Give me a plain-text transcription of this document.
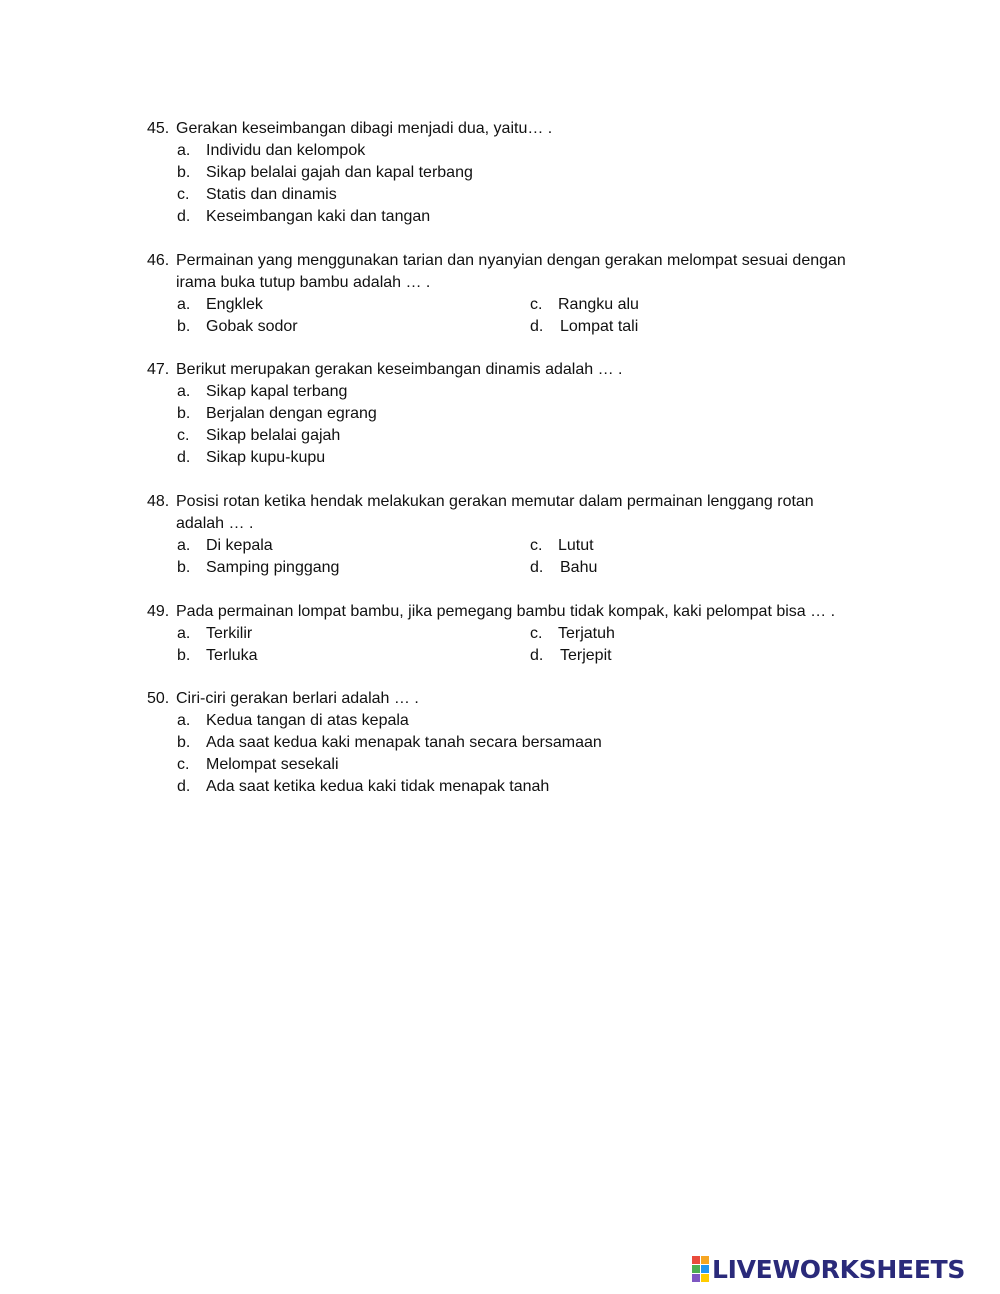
45. Gerakan keseimbangan dibagi menjadi dua, yaitu… .
a. Individu dan kelompok
b. Sikap belalai gajah dan kapal terbang
c. Statis dan dinamis
d. Keseimbangan kaki dan tangan
46. Permainan yang menggunakan tarian dan nyanyian dengan gerakan melompat sesuai dengan
irama buka tutup bambu adalah … .
a. Engklek	c. Rangku alu
b. Gobak sodor	d. Lompat tali
47. Berikut merupakan gerakan keseimbangan dinamis adalah … .
a. Sikap kapal terbang
b. Berjalan dengan egrang
c. Sikap belalai gajah
d. Sikap kupu-kupu
48. Posisi rotan ketika hendak melakukan gerakan memutar dalam permainan lenggang rotan
adalah … .
a. Di kepala	c. Lutut
b. Samping pinggang	d. Bahu
49. Pada permainan lompat bambu, jika pemegang bambu tidak kompak, kaki pelompat bisa … .
a. Terkilir	c. Terjatuh
b. Terluka	d. Terjepit
50. Ciri-ciri gerakan berlari adalah … .
a. Kedua tangan di atas kepala
b. Ada saat kedua kaki menapak tanah secara bersamaan
c. Melompat sesekali
d. Ada saat ketika kedua kaki tidak menapak tanah
LIVEWORKSHEETS
